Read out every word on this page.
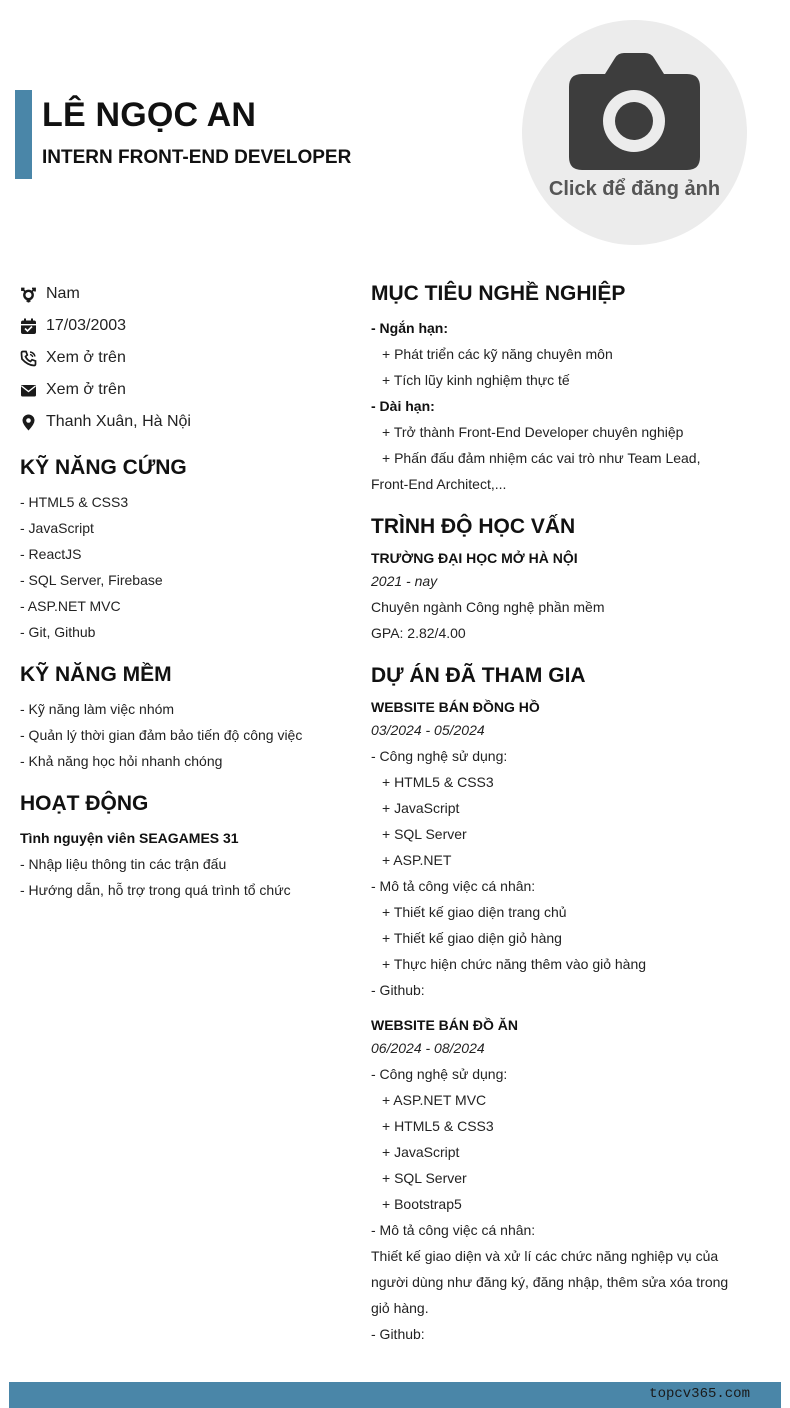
LÊ NGỌC AN
INTERN FRONT-END DEVELOPER
Click để đăng ảnh
Nam
17/03/2003
Xem ở trên
Xem ở trên
Thanh Xuân, Hà Nội
KỸ NĂNG CỨNG
- HTML5 & CSS3
- JavaScript
- ReactJS
- SQL Server, Firebase
- ASP.NET MVC
- Git, Github
KỸ NĂNG MỀM
- Kỹ năng làm việc nhóm
- Quản lý thời gian đảm bảo tiến độ công việc
- Khả năng học hỏi nhanh chóng
HOẠT ĐỘNG
Tình nguyện viên SEAGAMES 31
- Nhập liệu thông tin các trận đấu
- Hướng dẫn, hỗ trợ trong quá trình tổ chức
MỤC TIÊU NGHỀ NGHIỆP
- Ngắn hạn:
+ Phát triển các kỹ năng chuyên môn
+ Tích lũy kinh nghiệm thực tế
- Dài hạn:
+ Trở thành Front-End Developer chuyên nghiệp
+ Phấn đấu đảm nhiệm các vai trò như Team Lead,
Front-End Architect,...
TRÌNH ĐỘ HỌC VẤN
TRƯỜNG ĐẠI HỌC MỞ HÀ NỘI
2021 - nay
Chuyên ngành Công nghệ phần mềm
GPA: 2.82/4.00
DỰ ÁN ĐÃ THAM GIA
WEBSITE BÁN ĐỒNG HỒ
03/2024 - 05/2024
- Công nghệ sử dụng:
+ HTML5 & CSS3
+ JavaScript
+ SQL Server
+ ASP.NET
- Mô tả công việc cá nhân:
+ Thiết kế giao diện trang chủ
+ Thiết kế giao diện giỏ hàng
+ Thực hiện chức năng thêm vào giỏ hàng
- Github:
WEBSITE BÁN ĐỒ ĂN
06/2024 - 08/2024
- Công nghệ sử dụng:
+ ASP.NET MVC
+ HTML5 & CSS3
+ JavaScript
+ SQL Server
+ Bootstrap5
- Mô tả công việc cá nhân:
Thiết kế giao diện và xử lí các chức năng nghiệp vụ của
người dùng như đăng ký, đăng nhập, thêm sửa xóa trong
giỏ hàng.
- Github:
topcv365.com
